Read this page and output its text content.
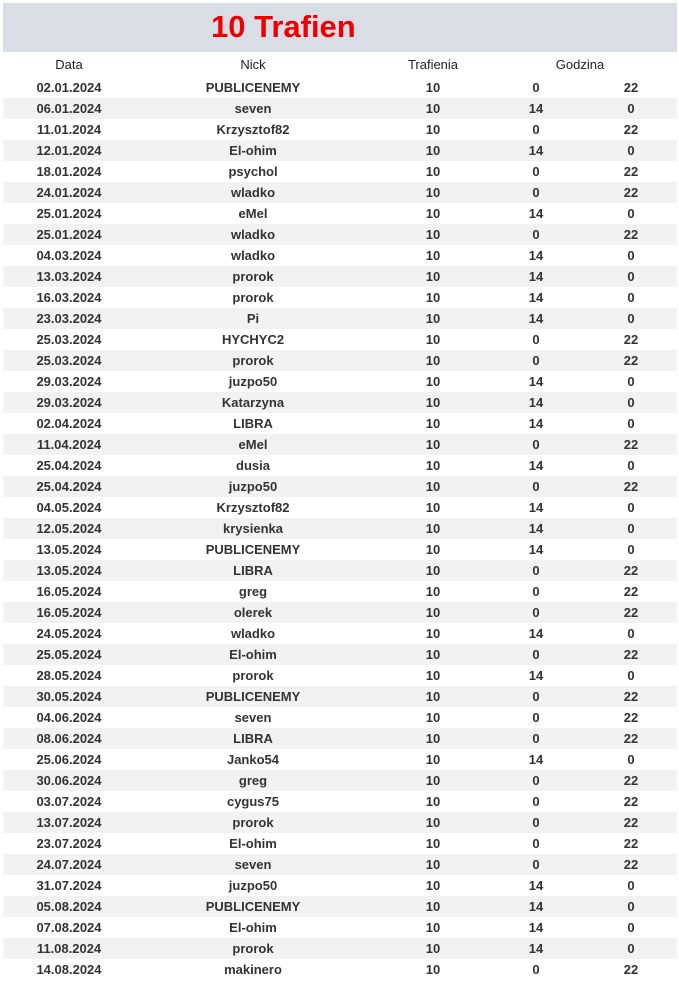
10 Trafien
Data	Nick	Trafienia	Godzina
02.01.2024	PUBLICENEMY	10	0	22
06.01.2024	seven	10	14	0
11.01.2024	Krzysztof82	10	0	22
12.01.2024	El-ohim	10	14	0
18.01.2024	psychol	10	0	22
24.01.2024	wladko	10	0	22
25.01.2024	eMel	10	14	0
25.01.2024	wladko	10	0	22
04.03.2024	wladko	10	14	0
13.03.2024	prorok	10	14	0
16.03.2024	prorok	10	14	0
23.03.2024	Pi	10	14	0
25.03.2024	HYCHYC2	10	0	22
25.03.2024	prorok	10	0	22
29.03.2024	juzpo50	10	14	0
29.03.2024	Katarzyna	10	14	0
02.04.2024	LIBRA	10	14	0
11.04.2024	eMel	10	0	22
25.04.2024	dusia	10	14	0
25.04.2024	juzpo50	10	0	22
04.05.2024	Krzysztof82	10	14	0
12.05.2024	krysienka	10	14	0
13.05.2024	PUBLICENEMY	10	14	0
13.05.2024	LIBRA	10	0	22
16.05.2024	greg	10	0	22
16.05.2024	olerek	10	0	22
24.05.2024	wladko	10	14	0
25.05.2024	El-ohim	10	0	22
28.05.2024	prorok	10	14	0
30.05.2024	PUBLICENEMY	10	0	22
04.06.2024	seven	10	0	22
08.06.2024	LIBRA	10	0	22
25.06.2024	Janko54	10	14	0
30.06.2024	greg	10	0	22
03.07.2024	cygus75	10	0	22
13.07.2024	prorok	10	0	22
23.07.2024	El-ohim	10	0	22
24.07.2024	seven	10	0	22
31.07.2024	juzpo50	10	14	0
05.08.2024	PUBLICENEMY	10	14	0
07.08.2024	El-ohim	10	14	0
11.08.2024	prorok	10	14	0
14.08.2024	makinero	10	0	22
